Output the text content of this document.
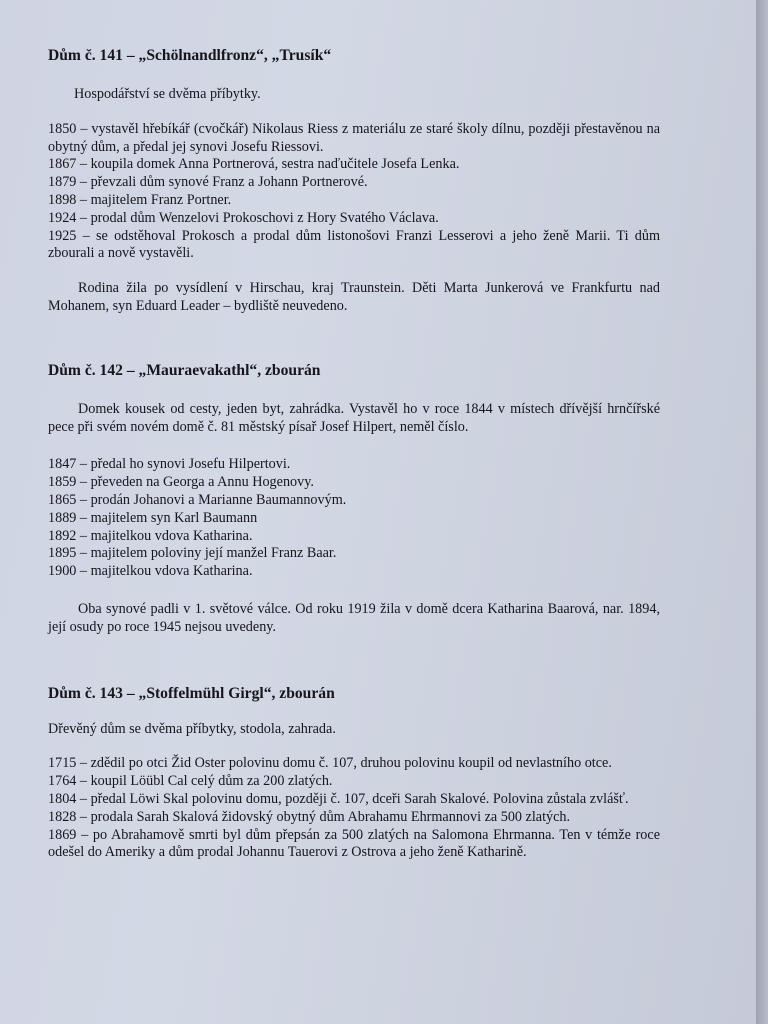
Dům č. 141 – „Schölnandlfronz“, „Trusík“

Hospodářství se dvěma příbytky.

1850 – vystavěl hřebíkář (cvočkář) Nikolaus Riess z materiálu ze staré školy dílnu, později přestavěnou na obytný dům, a předal jej synovi Josefu Riessovi.
1867 – koupila domek Anna Portnerová, sestra naďučitele Josefa Lenka.
1879 – převzali dům synové Franz a Johann Portnerové.
1898 – majitelem Franz Portner.
1924 – prodal dům Wenzelovi Prokoschovi z Hory Svatého Václava.
1925 – se odstěhoval Prokosch a prodal dům listonošovi Franzi Lesserovi a jeho ženě Marii. Ti dům zbourali a nově vystavěli.

Rodina žila po vysídlení v Hirschau, kraj Traunstein. Děti Marta Junkerová ve Frankfurtu nad Mohanem, syn Eduard Leader – bydliště neuvedeno.

Dům č. 142 – „Mauraevakathl“, zbourán

Domek kousek od cesty, jeden byt, zahrádka. Vystavěl ho v roce 1844 v místech dřívější hrnčířské pece při svém novém domě č. 81 městský písař Josef Hilpert, neměl číslo.

1847 – předal ho synovi Josefu Hilpertovi.
1859 – převeden na Georga a Annu Hogenovy.
1865 – prodán Johanovi a Marianne Baumannovým.
1889 – majitelem syn Karl Baumann
1892 – majitelkou vdova Katharina.
1895 – majitelem poloviny její manžel Franz Baar.
1900 – majitelkou vdova Katharina.

Oba synové padli v 1. světové válce. Od roku 1919 žila v domě dcera Katharina Baarová, nar. 1894, její osudy po roce 1945 nejsou uvedeny.

Dům č. 143 – „Stoffelmühl Girgl“, zbourán

Dřevěný dům se dvěma příbytky, stodola, zahrada.

1715 – zdědil po otci Žid Oster polovinu domu č. 107, druhou polovinu koupil od nevlastního otce.
1764 – koupil Löübl Cal celý dům za 200 zlatých.
1804 – předal Löwi Skal polovinu domu, později č. 107, dceři Sarah Skalové. Polovina zůstala zvlášť.
1828 – prodala Sarah Skalová židovský obytný dům Abrahamu Ehrmannovi za 500 zlatých.
1869 – po Abrahamově smrti byl dům přepsán za 500 zlatých na Salomona Ehrmanna. Ten v témže roce odešel do Ameriky a dům prodal Johannu Tauerovi z Ostrova a jeho ženě Katharině.
